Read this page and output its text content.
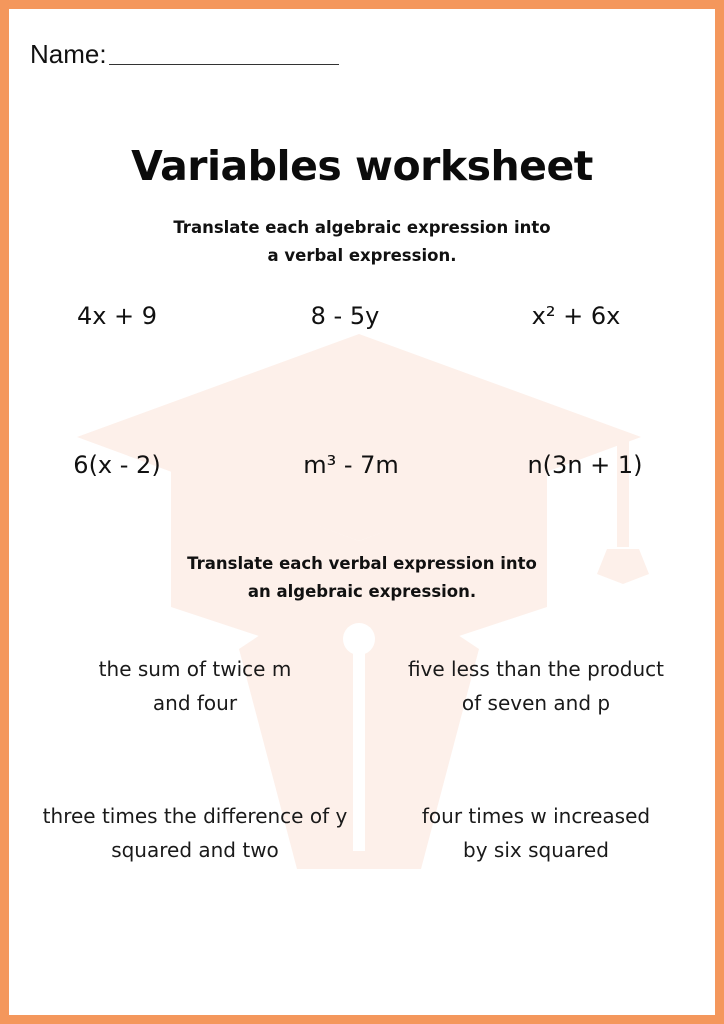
Name:
Variables worksheet
Translate each algebraic expression into
a verbal expression.
4x + 9	8 - 5y	x² + 6x
6(x - 2)	m³ - 7m	n(3n + 1)
Translate each verbal expression into
an algebraic expression.
the sum of twice m
and four
five less than the product
of seven and p
three times the difference of y
squared and two
four times w increased
by six squared
